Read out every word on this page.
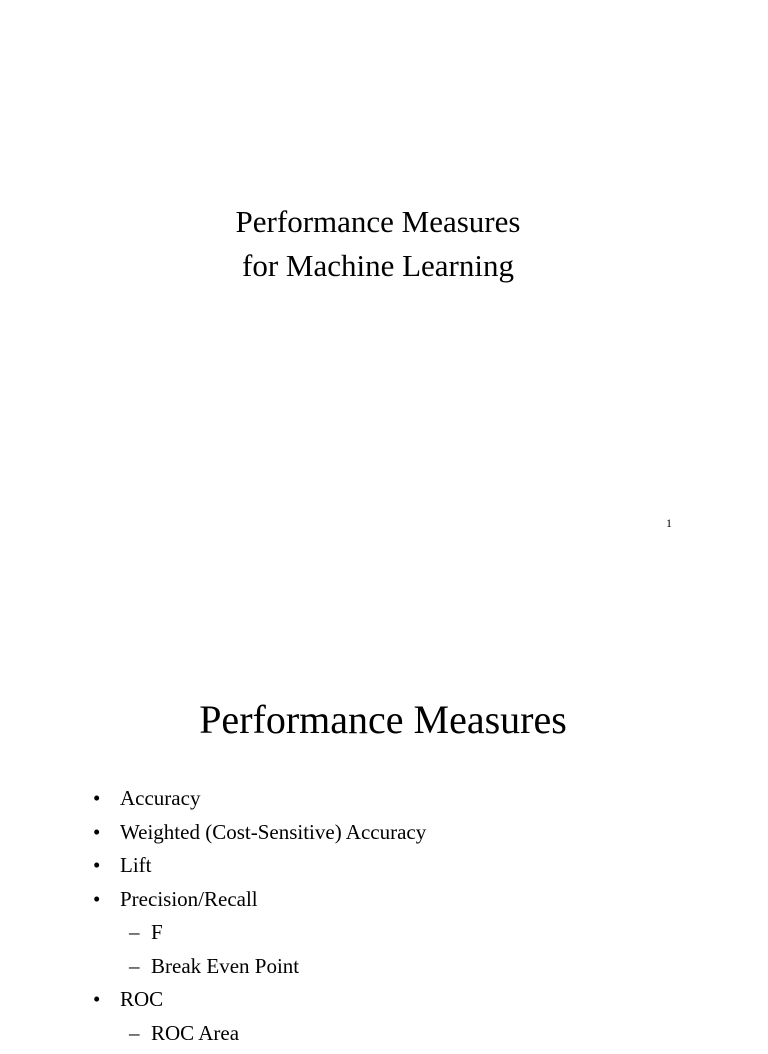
Performance Measures
for Machine Learning
1
Performance Measures
• Accuracy
• Weighted (Cost-Sensitive) Accuracy
• Lift
• Precision/Recall
– F
– Break Even Point
• ROC
– ROC Area
